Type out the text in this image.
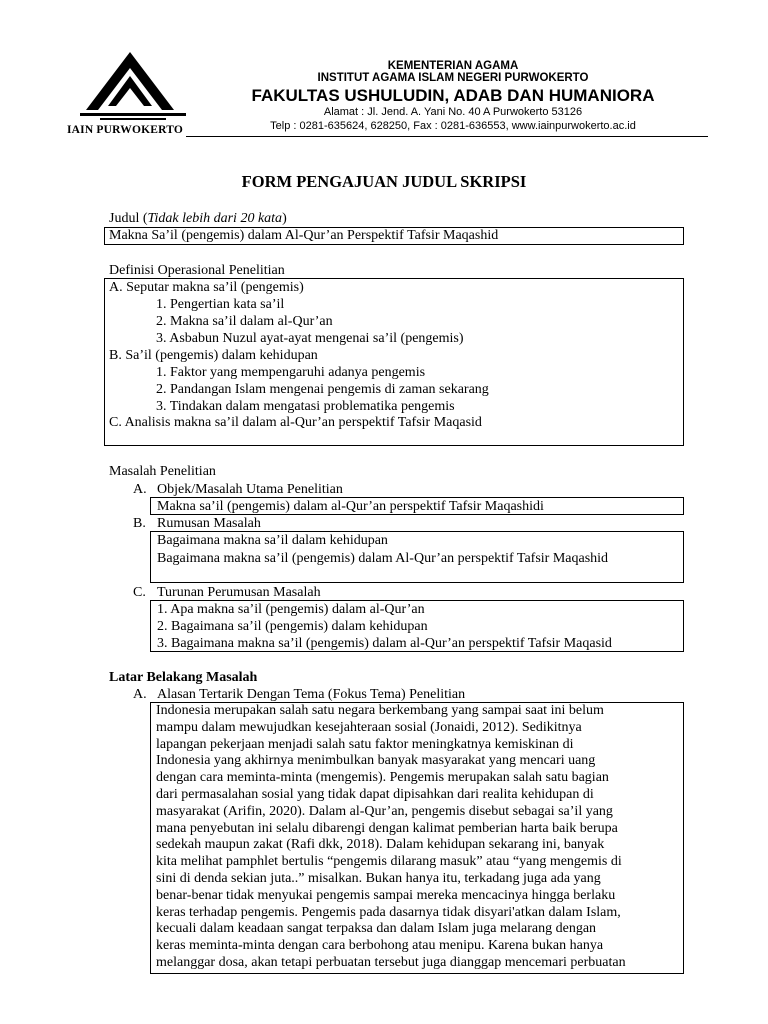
IAIN PURWOKERTO
KEMENTERIAN AGAMA
INSTITUT AGAMA ISLAM NEGERI PURWOKERTO
FAKULTAS USHULUDIN, ADAB DAN HUMANIORA
Alamat : Jl. Jend. A. Yani No. 40 A Purwokerto 53126
Telp : 0281-635624, 628250, Fax : 0281-636553, www.iainpurwokerto.ac.id
FORM PENGAJUAN JUDUL SKRIPSI
Judul (Tidak lebih dari 20 kata)
Makna Sa’il (pengemis) dalam Al-Qur’an Perspektif Tafsir Maqashid
Definisi Operasional Penelitian
A. Seputar makna sa’il (pengemis)
1. Pengertian kata sa’il
2. Makna sa’il dalam al-Qur’an
3. Asbabun Nuzul ayat-ayat mengenai sa’il (pengemis)
B. Sa’il (pengemis) dalam kehidupan
1. Faktor yang mempengaruhi adanya pengemis
2. Pandangan Islam mengenai pengemis di zaman sekarang
3. Tindakan dalam mengatasi problematika pengemis
C. Analisis makna sa’il dalam al-Qur’an perspektif Tafsir Maqasid
Masalah Penelitian
A. Objek/Masalah Utama Penelitian
Makna sa’il (pengemis) dalam al-Qur’an perspektif Tafsir Maqashidi
B. Rumusan Masalah
Bagaimana makna sa’il dalam kehidupan
Bagaimana makna sa’il (pengemis) dalam Al-Qur’an perspektif Tafsir Maqashid
C. Turunan Perumusan Masalah
1. Apa makna sa’il (pengemis) dalam al-Qur’an
2. Bagaimana sa’il (pengemis) dalam kehidupan
3. Bagaimana makna sa’il (pengemis) dalam al-Qur’an perspektif Tafsir Maqasid
Latar Belakang Masalah
A. Alasan Tertarik Dengan Tema (Fokus Tema) Penelitian
Indonesia merupakan salah satu negara berkembang yang sampai saat ini belum
mampu dalam mewujudkan kesejahteraan sosial (Jonaidi, 2012). Sedikitnya
lapangan pekerjaan menjadi salah satu faktor meningkatnya kemiskinan di
Indonesia yang akhirnya menimbulkan banyak masyarakat yang mencari uang
dengan cara meminta-minta (mengemis). Pengemis merupakan salah satu bagian
dari permasalahan sosial yang tidak dapat dipisahkan dari realita kehidupan di
masyarakat (Arifin, 2020). Dalam al-Qur’an, pengemis disebut sebagai sa’il yang
mana penyebutan ini selalu dibarengi dengan kalimat pemberian harta baik berupa
sedekah maupun zakat (Rafi dkk, 2018). Dalam kehidupan sekarang ini, banyak
kita melihat pamphlet bertulis “pengemis dilarang masuk” atau “yang mengemis di
sini di denda sekian juta..” misalkan. Bukan hanya itu, terkadang juga ada yang
benar-benar tidak menyukai pengemis sampai mereka mencacinya hingga berlaku
keras terhadap pengemis. Pengemis pada dasarnya tidak disyari'atkan dalam Islam,
kecuali dalam keadaan sangat terpaksa dan dalam Islam juga melarang dengan
keras meminta-minta dengan cara berbohong atau menipu. Karena bukan hanya
melanggar dosa, akan tetapi perbuatan tersebut juga dianggap mencemari perbuatan
